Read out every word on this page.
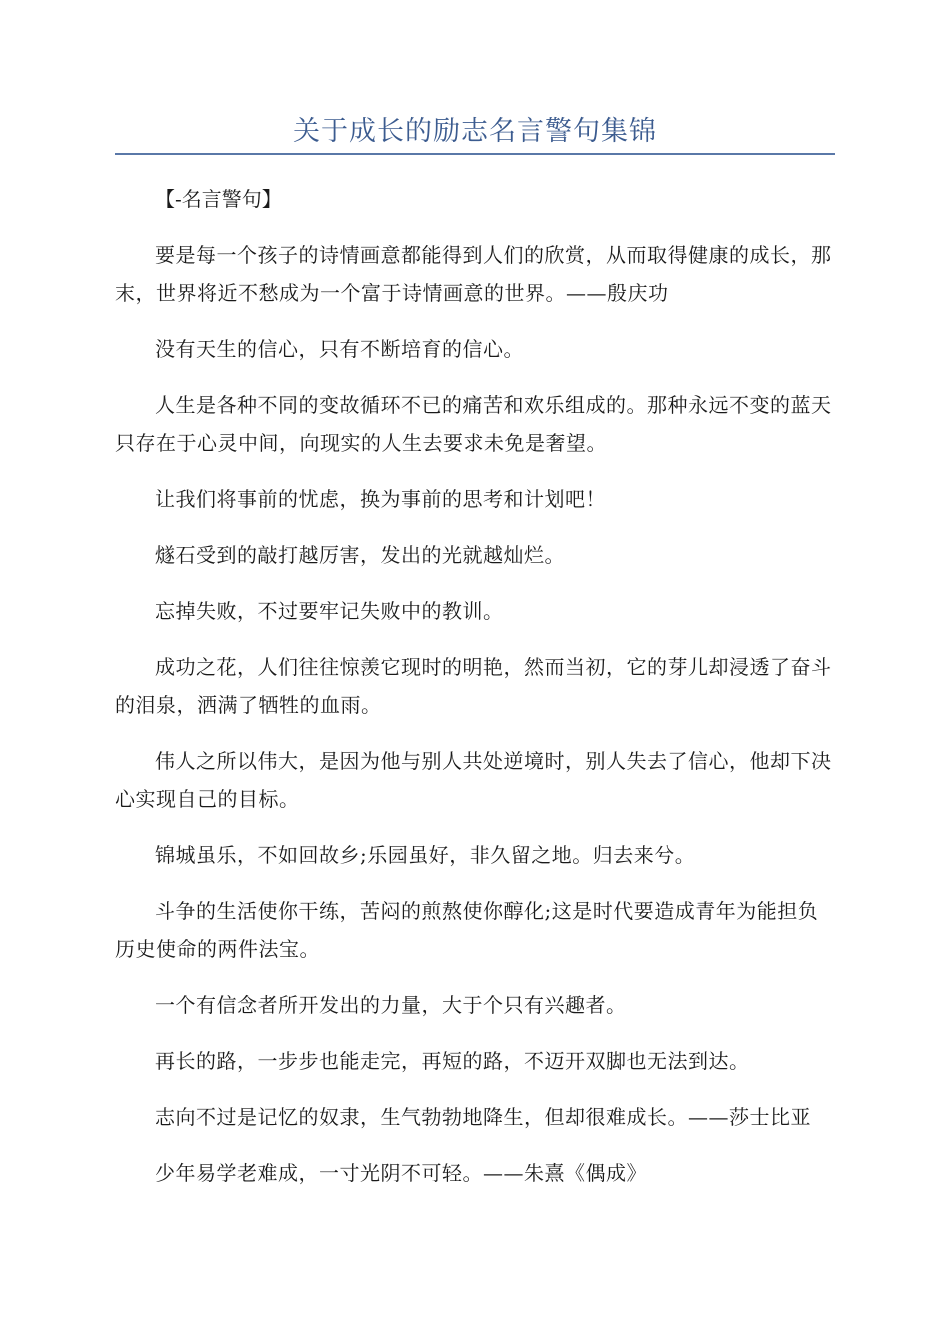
关于成长的励志名言警句集锦

【-名言警句】

要是每一个孩子的诗情画意都能得到人们的欣赏，从而取得健康的成长，那末，世界将近不愁成为一个富于诗情画意的世界。——殷庆功

没有天生的信心，只有不断培育的信心。

人生是各种不同的变故循环不已的痛苦和欢乐组成的。那种永远不变的蓝天只存在于心灵中间，向现实的人生去要求未免是奢望。

让我们将事前的忧虑，换为事前的思考和计划吧！

燧石受到的敲打越厉害，发出的光就越灿烂。

忘掉失败，不过要牢记失败中的教训。

成功之花，人们往往惊羡它现时的明艳，然而当初，它的芽儿却浸透了奋斗的泪泉，洒满了牺牲的血雨。

伟人之所以伟大，是因为他与别人共处逆境时，别人失去了信心，他却下决心实现自己的目标。

锦城虽乐，不如回故乡;乐园虽好，非久留之地。归去来兮。

斗争的生活使你干练，苦闷的煎熬使你醇化;这是时代要造成青年为能担负历史使命的两件法宝。

一个有信念者所开发出的力量，大于个只有兴趣者。

再长的路，一步步也能走完，再短的路，不迈开双脚也无法到达。

志向不过是记忆的奴隶，生气勃勃地降生，但却很难成长。——莎士比亚

少年易学老难成，一寸光阴不可轻。——朱熹《偶成》
